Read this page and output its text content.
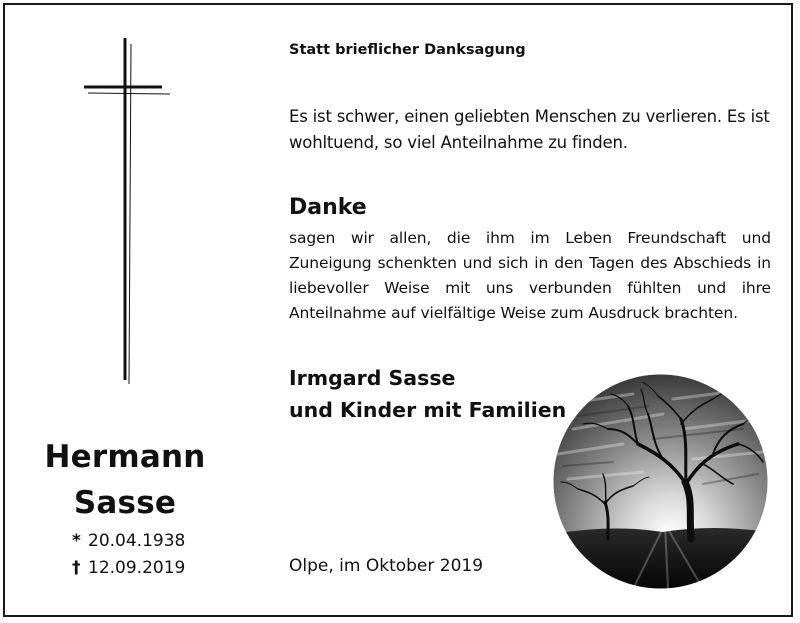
Hermann
Sasse
* 20.04.1938
† 12.09.2019
Statt brieflicher Danksagung
Es ist schwer, einen geliebten Menschen zu verlieren. Es ist wohltuend, so viel Anteilnahme zu finden.
Danke
sagen wir allen, die ihm im Leben Freundschaft und Zuneigung schenkten und sich in den Tagen des Abschieds in liebevoller Weise mit uns verbunden fühlten und ihre Anteilnahme auf vielfältige Weise zum Ausdruck brachten.
Irmgard Sasse
und Kinder mit Familien
Olpe, im Oktober 2019
